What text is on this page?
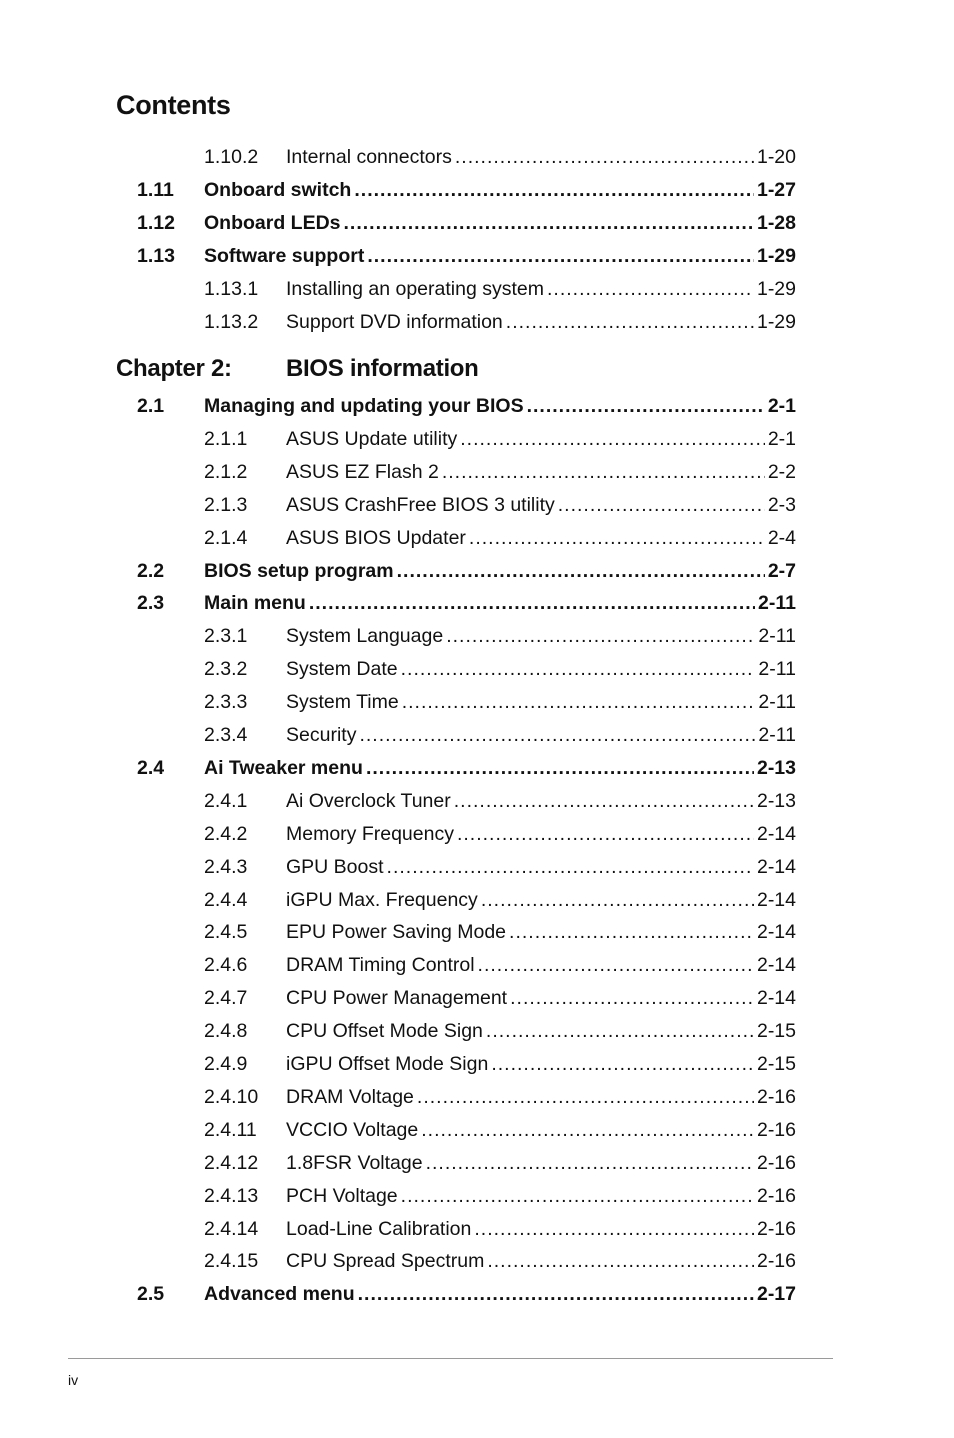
Contents
1.10.2 Internal connectors .....	1-20
1.11 Onboard switch .....	1-27
1.12 Onboard LEDs .....	1-28
1.13 Software support .....	1-29
1.13.1 Installing an operating system .....	1-29
1.13.2 Support DVD information .....	1-29
Chapter 2: BIOS information
2.1 Managing and updating your BIOS .....	2-1
2.1.1 ASUS Update utility .....	2-1
2.1.2 ASUS EZ Flash 2 .....	2-2
2.1.3 ASUS CrashFree BIOS 3 utility .....	2-3
2.1.4 ASUS BIOS Updater .....	2-4
2.2 BIOS setup program .....	2-7
2.3 Main menu .....	2-11
2.3.1 System Language .....	2-11
2.3.2 System Date .....	2-11
2.3.3 System Time .....	2-11
2.3.4 Security .....	2-11
2.4 Ai Tweaker menu .....	2-13
2.4.1 Ai Overclock Tuner .....	2-13
2.4.2 Memory Frequency .....	2-14
2.4.3 GPU Boost .....	2-14
2.4.4 iGPU Max. Frequency .....	2-14
2.4.5 EPU Power Saving Mode .....	2-14
2.4.6 DRAM Timing Control .....	2-14
2.4.7 CPU Power Management .....	2-14
2.4.8 CPU Offset Mode Sign .....	2-15
2.4.9 iGPU Offset Mode Sign .....	2-15
2.4.10 DRAM Voltage .....	2-16
2.4.11 VCCIO Voltage .....	2-16
2.4.12 1.8FSR Voltage .....	2-16
2.4.13 PCH Voltage .....	2-16
2.4.14 Load-Line Calibration .....	2-16
2.4.15 CPU Spread Spectrum .....	2-16
2.5 Advanced menu .....	2-17
iv
